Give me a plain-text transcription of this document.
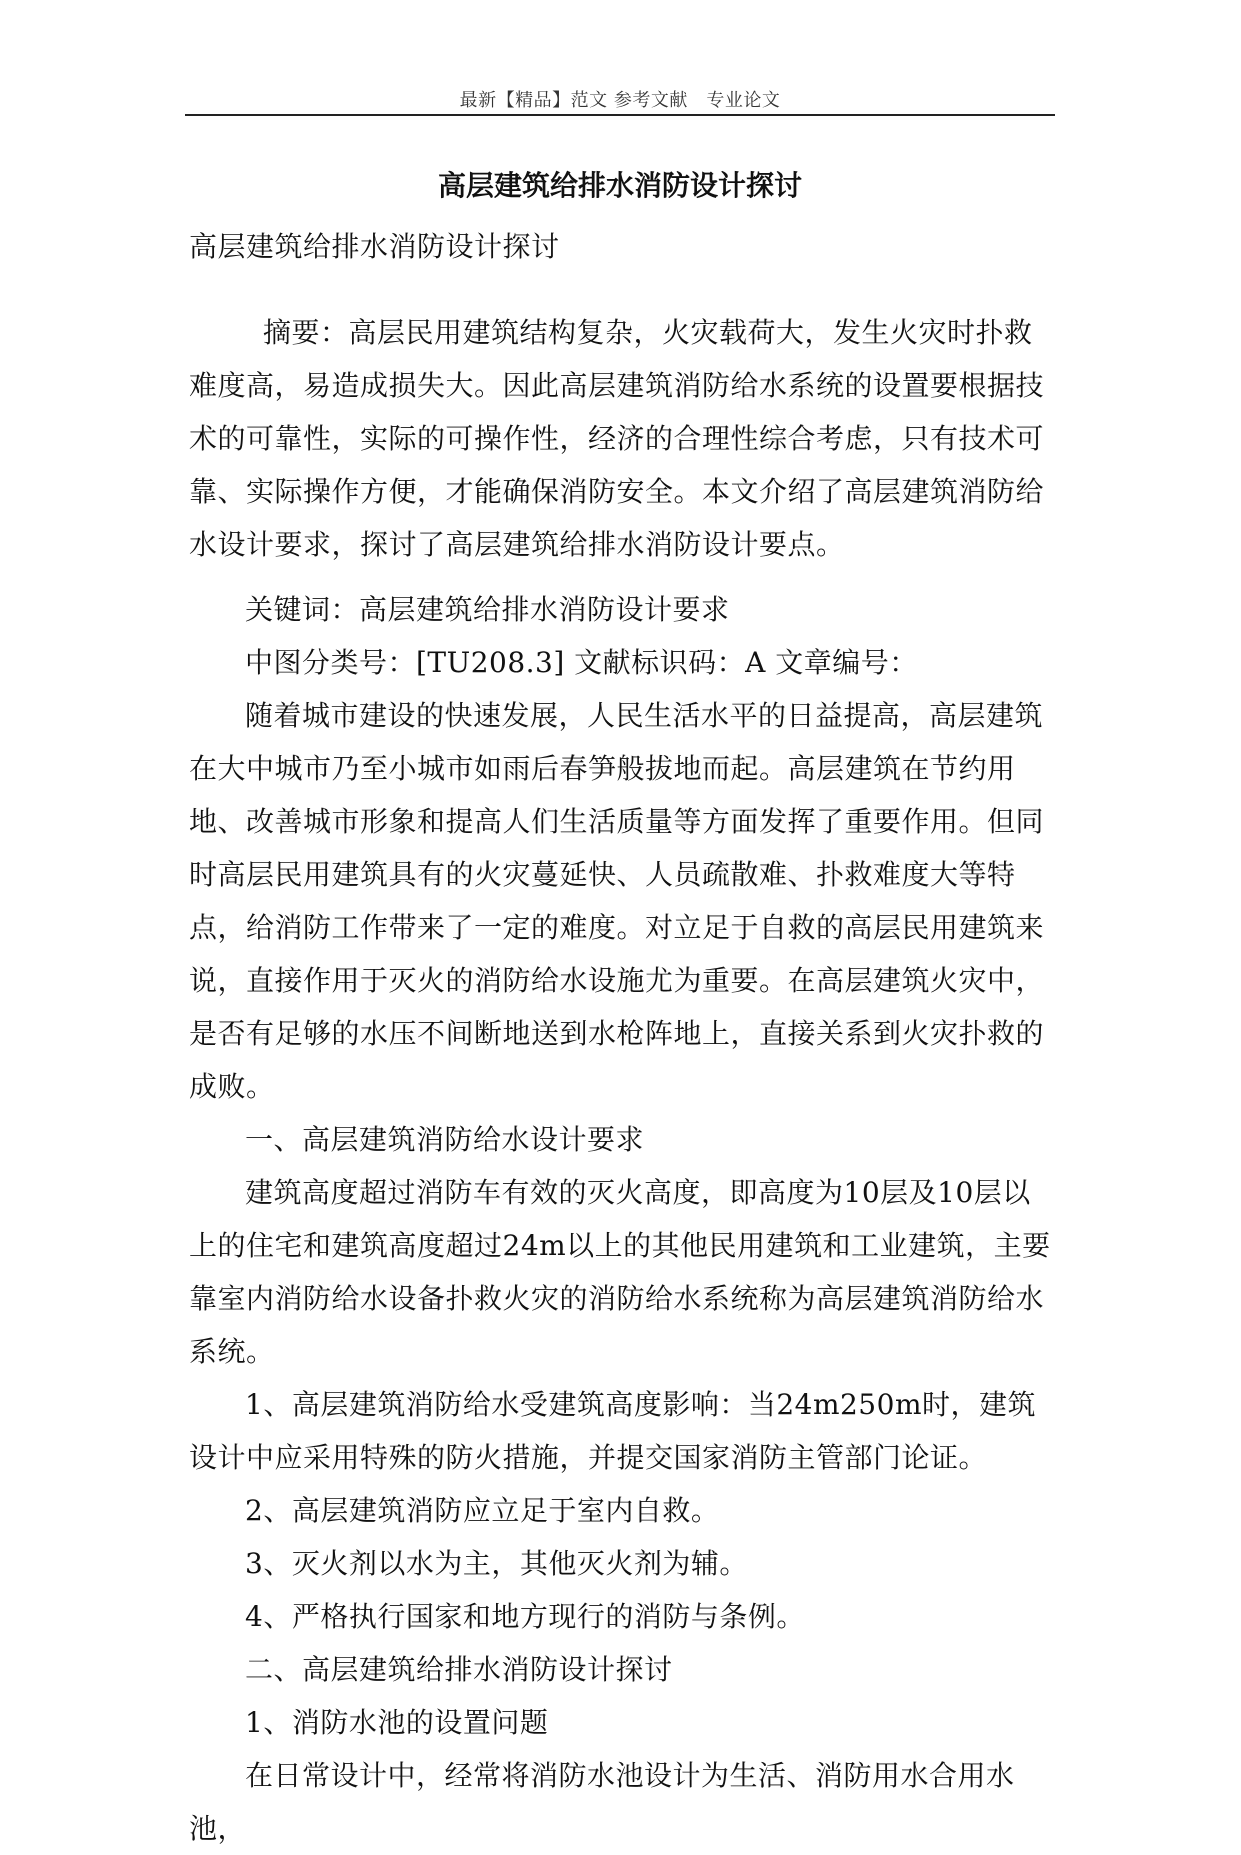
最新【精品】范文 参考文献　专业论文
高层建筑给排水消防设计探讨

高层建筑给排水消防设计探讨

摘要：高层民用建筑结构复杂，火灾载荷大，发生火灾时扑救难度高，易造成损失大。因此高层建筑消防给水系统的设置要根据技术的可靠性，实际的可操作性，经济的合理性综合考虑，只有技术可靠、实际操作方便，才能确保消防安全。本文介绍了高层建筑消防给水设计要求，探讨了高层建筑给排水消防设计要点。

关键词：高层建筑给排水消防设计要求

中图分类号：[TU208.3] 文献标识码：A 文章编号：

随着城市建设的快速发展，人民生活水平的日益提高，高层建筑在大中城市乃至小城市如雨后春笋般拔地而起。高层建筑在节约用地、改善城市形象和提高人们生活质量等方面发挥了重要作用。但同时高层民用建筑具有的火灾蔓延快、人员疏散难、扑救难度大等特点，给消防工作带来了一定的难度。对立足于自救的高层民用建筑来说，直接作用于灭火的消防给水设施尤为重要。在高层建筑火灾中，是否有足够的水压不间断地送到水枪阵地上，直接关系到火灾扑救的成败。

一、高层建筑消防给水设计要求

建筑高度超过消防车有效的灭火高度，即高度为10层及10层以上的住宅和建筑高度超过24m以上的其他民用建筑和工业建筑，主要靠室内消防给水设备扑救火灾的消防给水系统称为高层建筑消防给水系统。

1、高层建筑消防给水受建筑高度影响：当24m250m时，建筑设计中应采用特殊的防火措施，并提交国家消防主管部门论证。

2、高层建筑消防应立足于室内自救。

3、灭火剂以水为主，其他灭火剂为辅。

4、严格执行国家和地方现行的消防与条例。

二、高层建筑给排水消防设计探讨

1、消防水池的设置问题

在日常设计中，经常将消防水池设计为生活、消防用水合用水池，
